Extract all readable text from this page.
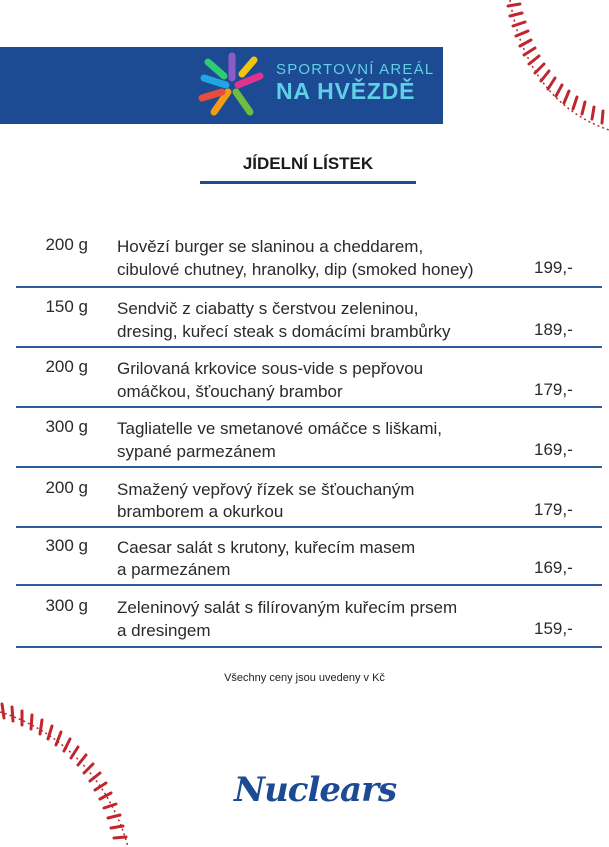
SPORTOVNÍ AREÁL
NA HVĚZDĚ
JÍDELNÍ LÍSTEK
200 g Hovězí burger se slaninou a cheddarem,
cibulové chutney, hranolky, dip (smoked honey)	199,-
150 g Sendvič z ciabatty s čerstvou zeleninou,
dresing, kuřecí steak s domácími brambůrky	189,-
200 g Grilovaná krkovice sous-vide s pepřovou
omáčkou, šťouchaný brambor	179,-
300 g Tagliatelle ve smetanové omáčce s liškami,
sypané parmezánem	169,-
200 g Smažený vepřový řízek se šťouchaným
bramborem a okurkou	179,-
300 g Caesar salát s krutony, kuřecím masem
a parmezánem	169,-
300 g Zeleninový salát s filírovaným kuřecím prsem
a dresingem	159,-
Všechny ceny jsou uvedeny v Kč
Nuclears
